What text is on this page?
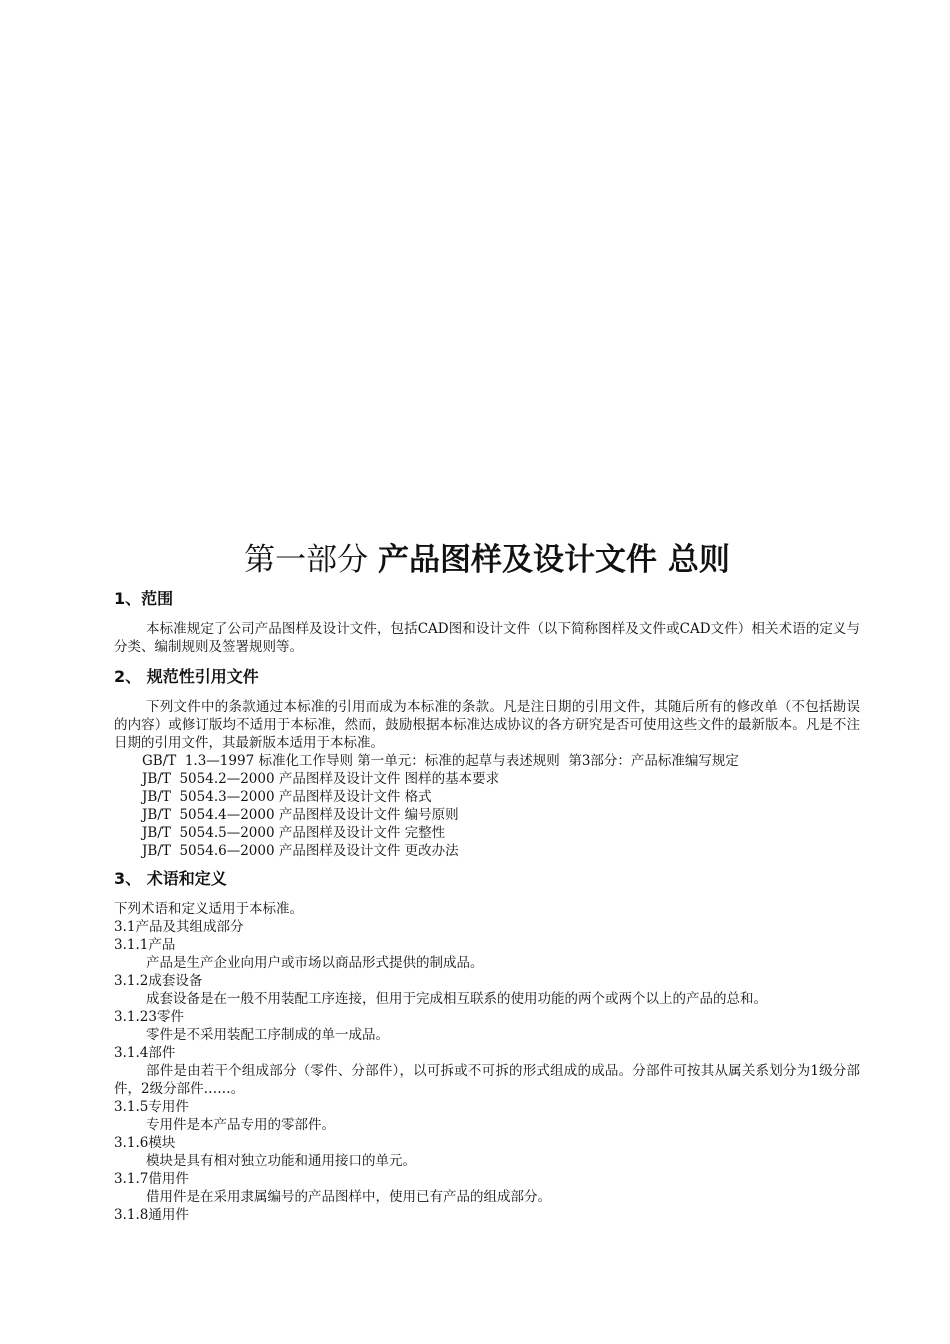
第一部分 产品图样及设计文件 总则
1、范围

本标准规定了公司产品图样及设计文件，包括CAD图和设计文件（以下简称图样及文件或CAD文件）相关术语的定义与分类、编制规则及签署规则等。

2、 规范性引用文件

下列文件中的条款通过本标准的引用而成为本标准的条款。凡是注日期的引用文件，其随后所有的修改单（不包括勘误的内容）或修订版均不适用于本标准，然而，鼓励根据本标准达成协议的各方研究是否可使用这些文件的最新版本。凡是不注日期的引用文件，其最新版本适用于本标准。

GB/T  1.3—1997 标准化工作导则 第一单元：标准的起草与表述规则  第3部分：产品标准编写规定
JB/T  5054.2—2000 产品图样及设计文件 图样的基本要求
JB/T  5054.3—2000 产品图样及设计文件 格式
JB/T  5054.4—2000 产品图样及设计文件 编号原则
JB/T  5054.5—2000 产品图样及设计文件 完整性
JB/T  5054.6—2000 产品图样及设计文件 更改办法
3、 术语和定义

下列术语和定义适用于本标准。

3.1产品及其组成部分

3.1.1产品

产品是生产企业向用户或市场以商品形式提供的制成品。

3.1.2成套设备

成套设备是在一般不用装配工序连接，但用于完成相互联系的使用功能的两个或两个以上的产品的总和。

3.1.23零件

零件是不采用装配工序制成的单一成品。

3.1.4部件

部件是由若干个组成部分（零件、分部件），以可拆或不可拆的形式组成的成品。分部件可按其从属关系划分为1级分部件，2级分部件……。

3.1.5专用件

专用件是本产品专用的零部件。

3.1.6模块

模块是具有相对独立功能和通用接口的单元。

3.1.7借用件

借用件是在采用隶属编号的产品图样中，使用已有产品的组成部分。

3.1.8通用件
